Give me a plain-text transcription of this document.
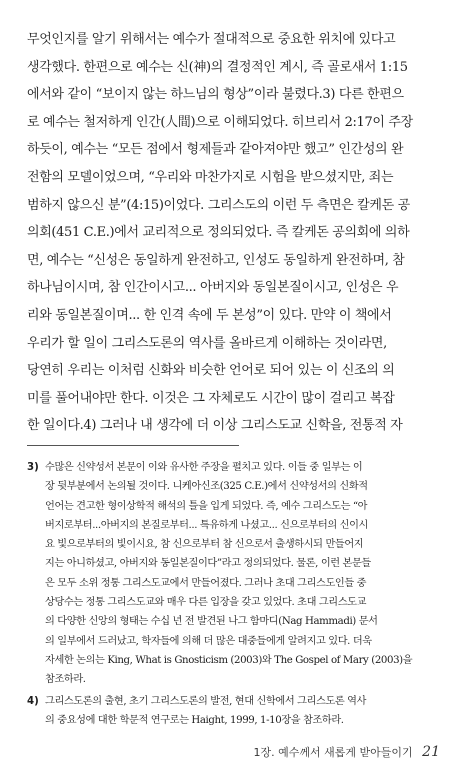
무엇인지를 알기 위해서는 예수가 절대적으로 중요한 위치에 있다고
생각했다. 한편으로 예수는 신(神)의 결정적인 계시, 즉 골로새서 1:15
에서와 같이 “보이지 않는 하느님의 형상”이라 불렸다.3) 다른 한편으
로 예수는 철저하게 인간(人間)으로 이해되었다. 히브리서 2:17이 주장
하듯이, 예수는 “모든 점에서 형제들과 같아져야만 했고” 인간성의 완
전함의 모델이었으며, “우리와 마찬가지로 시험을 받으셨지만, 죄는
범하지 않으신 분”(4:15)이었다. 그리스도의 이런 두 측면은 칼케돈 공
의회(451 C.E.)에서 교리적으로 정의되었다. 즉 칼케돈 공의회에 의하
면, 예수는 “신성은 동일하게 완전하고, 인성도 동일하게 완전하며, 참
하나님이시며, 참 인간이시고... 아버지와 동일본질이시고, 인성은 우
리와 동일본질이며... 한 인격 속에 두 본성”이 있다. 만약 이 책에서
우리가 할 일이 그리스도론의 역사를 올바르게 이해하는 것이라면,
당연히 우리는 이처럼 신화와 비슷한 언어로 되어 있는 이 신조의 의
미를 풀어내야만 한다. 이것은 그 자체로도 시간이 많이 걸리고 복잡
한 일이다.4) 그러나 내 생각에 더 이상 그리스도교 신학을, 전통적 자
3) 수많은 신약성서 본문이 이와 유사한 주장을 펼치고 있다. 이들 중 일부는 이
장 뒷부분에서 논의될 것이다. 니케아신조(325 C.E.)에서 신약성서의 신화적
언어는 견고한 형이상학적 해석의 틀을 입게 되었다. 즉, 예수 그리스도는 “아
버지로부터...아버지의 본질로부터... 특유하게 나셨고... 신으로부터의 신이시
요 빛으로부터의 빛이시요, 참 신으로부터 참 신으로서 출생하시되 만들어지
지는 아니하셨고, 아버지와 동일본질이다”라고 정의되었다. 물론, 이런 본문들
은 모두 소위 정통 그리스도교에서 만들어졌다. 그러나 초대 그리스도인들 중
상당수는 정통 그리스도교와 매우 다른 입장을 갖고 있었다. 초대 그리스도교
의 다양한 신앙의 형태는 수십 년 전 발견된 나그 함마디(Nag Hammadi) 문서
의 일부에서 드러났고, 학자들에 의해 더 많은 대중들에게 알려지고 있다. 더욱
자세한 논의는 King, What is Gnosticism (2003)와 The Gospel of Mary (2003)을
참조하라.
4) 그리스도론의 출현, 초기 그리스도론의 발전, 현대 신학에서 그리스도론 역사
의 중요성에 대한 학문적 연구로는 Haight, 1999, 1-10장을 참조하라.
1장. 예수께서 새롭게 받아들이기 21
